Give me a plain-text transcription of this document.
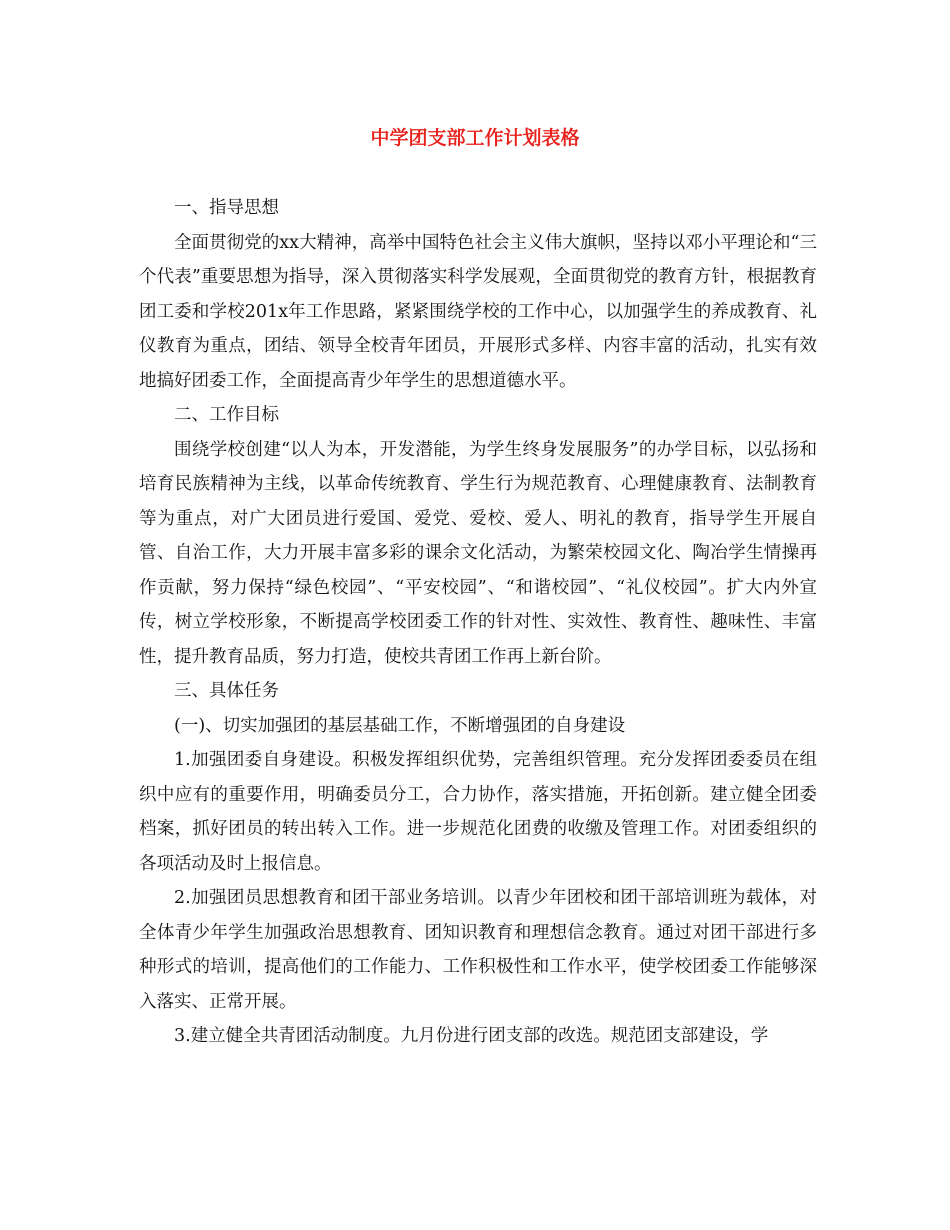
中学团支部工作计划表格

一、指导思想

全面贯彻党的xx大精神，高举中国特色社会主义伟大旗帜，坚持以邓小平理论和“三个代表”重要思想为指导，深入贯彻落实科学发展观，全面贯彻党的教育方针，根据教育团工委和学校201x年工作思路，紧紧围绕学校的工作中心，以加强学生的养成教育、礼仪教育为重点，团结、领导全校青年团员，开展形式多样、内容丰富的活动，扎实有效地搞好团委工作，全面提高青少年学生的思想道德水平。

二、工作目标

围绕学校创建“以人为本，开发潜能，为学生终身发展服务”的办学目标，以弘扬和培育民族精神为主线，以革命传统教育、学生行为规范教育、心理健康教育、法制教育等为重点，对广大团员进行爱国、爱党、爱校、爱人、明礼的教育，指导学生开展自管、自治工作，大力开展丰富多彩的课余文化活动，为繁荣校园文化、陶冶学生情操再作贡献，努力保持“绿色校园”、“平安校园”、“和谐校园”、“礼仪校园”。扩大内外宣传，树立学校形象，不断提高学校团委工作的针对性、实效性、教育性、趣味性、丰富性，提升教育品质，努力打造，使校共青团工作再上新台阶。

三、具体任务

(一)、切实加强团的基层基础工作，不断增强团的自身建设

1.加强团委自身建设。积极发挥组织优势，完善组织管理。充分发挥团委委员在组织中应有的重要作用，明确委员分工，合力协作，落实措施，开拓创新。建立健全团委档案，抓好团员的转出转入工作。进一步规范化团费的收缴及管理工作。对团委组织的各项活动及时上报信息。

2.加强团员思想教育和团干部业务培训。以青少年团校和团干部培训班为载体，对全体青少年学生加强政治思想教育、团知识教育和理想信念教育。通过对团干部进行多种形式的培训，提高他们的工作能力、工作积极性和工作水平，使学校团委工作能够深入落实、正常开展。

3.建立健全共青团活动制度。九月份进行团支部的改选。规范团支部建设，学
